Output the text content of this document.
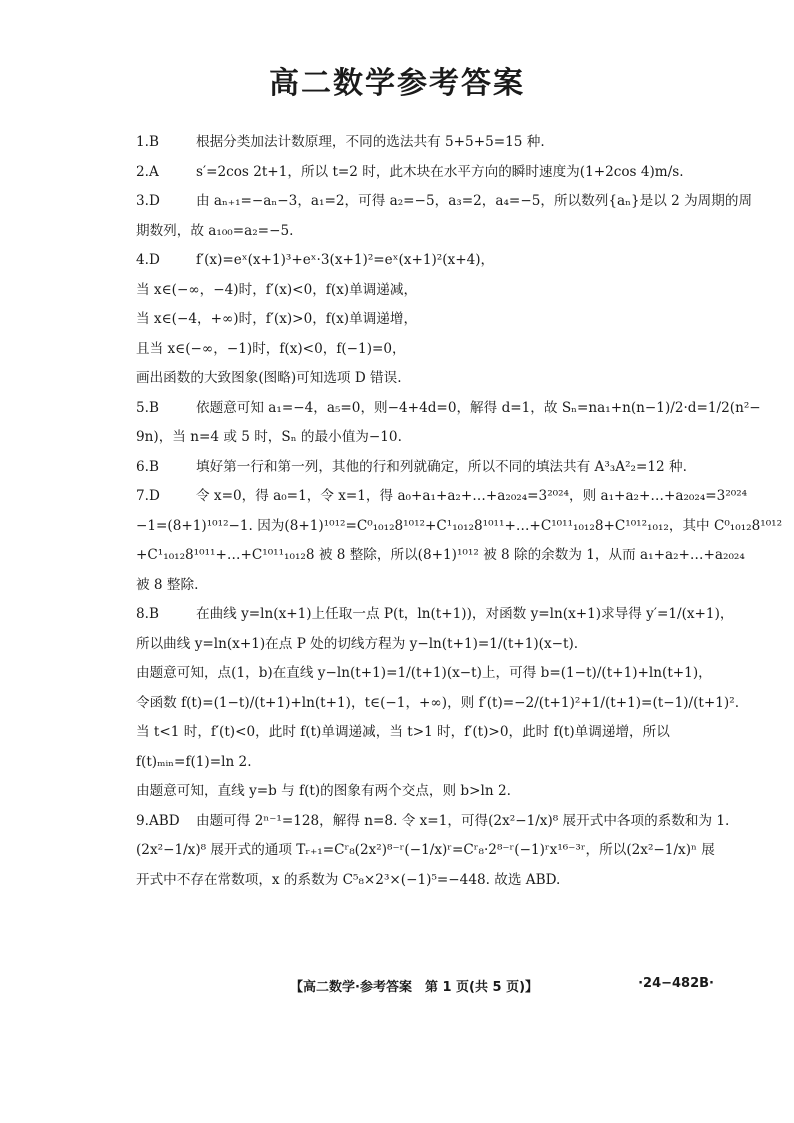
高二数学参考答案
1.B	根据分类加法计数原理，不同的选法共有 5+5+5=15 种.
2.A	s′=2cos 2t+1，所以 t=2 时，此木块在水平方向的瞬时速度为(1+2cos 4)m/s.
3.D	由 aₙ₊₁=−aₙ−3，a₁=2，可得 a₂=−5，a₃=2，a₄=−5，所以数列{aₙ}是以 2 为周期的周
期数列，故 a₁₀₀=a₂=−5.
4.D	f′(x)=eˣ(x+1)³+eˣ·3(x+1)²=eˣ(x+1)²(x+4)，
当 x∈(−∞，−4)时，f′(x)<0，f(x)单调递减，
当 x∈(−4，+∞)时，f′(x)>0，f(x)单调递增，
且当 x∈(−∞，−1)时，f(x)<0，f(−1)=0，
画出函数的大致图象(图略)可知选项 D 错误.
5.B	依题意可知 a₁=−4，a₅=0，则−4+4d=0，解得 d=1，故 Sₙ=na₁+n(n−1)/2·d=1/2(n²−
9n)，当 n=4 或 5 时，Sₙ 的最小值为−10.
6.B	填好第一行和第一列，其他的行和列就确定，所以不同的填法共有 A³₃A²₂=12 种.
7.D	令 x=0，得 a₀=1，令 x=1，得 a₀+a₁+a₂+…+a₂₀₂₄=3²⁰²⁴，则 a₁+a₂+…+a₂₀₂₄=3²⁰²⁴
−1=(8+1)¹⁰¹²−1. 因为(8+1)¹⁰¹²=C⁰₁₀₁₂8¹⁰¹²+C¹₁₀₁₂8¹⁰¹¹+…+C¹⁰¹¹₁₀₁₂8+C¹⁰¹²₁₀₁₂，其中 C⁰₁₀₁₂8¹⁰¹²
+C¹₁₀₁₂8¹⁰¹¹+…+C¹⁰¹¹₁₀₁₂8 被 8 整除，所以(8+1)¹⁰¹² 被 8 除的余数为 1，从而 a₁+a₂+…+a₂₀₂₄
被 8 整除.
8.B	在曲线 y=ln(x+1)上任取一点 P(t，ln(t+1))，对函数 y=ln(x+1)求导得 y′=1/(x+1)，
所以曲线 y=ln(x+1)在点 P 处的切线方程为 y−ln(t+1)=1/(t+1)(x−t).
由题意可知，点(1，b)在直线 y−ln(t+1)=1/(t+1)(x−t)上，可得 b=(1−t)/(t+1)+ln(t+1)，
令函数 f(t)=(1−t)/(t+1)+ln(t+1)，t∈(−1，+∞)，则 f′(t)=−2/(t+1)²+1/(t+1)=(t−1)/(t+1)².
当 t<1 时，f′(t)<0，此时 f(t)单调递减，当 t>1 时，f′(t)>0，此时 f(t)单调递增，所以
f(t)ₘᵢₙ=f(1)=ln 2.
由题意可知，直线 y=b 与 f(t)的图象有两个交点，则 b>ln 2.
9.ABD	由题可得 2ⁿ⁻¹=128，解得 n=8. 令 x=1，可得(2x²−1/x)⁸ 展开式中各项的系数和为 1.
(2x²−1/x)⁸ 展开式的通项 Tᵣ₊₁=Cʳ₈(2x²)⁸⁻ʳ(−1/x)ʳ=Cʳ₈·2⁸⁻ʳ(−1)ʳx¹⁶⁻³ʳ，所以(2x²−1/x)ⁿ 展
开式中不存在常数项，x 的系数为 C⁵₈×2³×(−1)⁵=−448. 故选 ABD.
【高二数学·参考答案　第 1 页(共 5 页)】	·24−482B·
